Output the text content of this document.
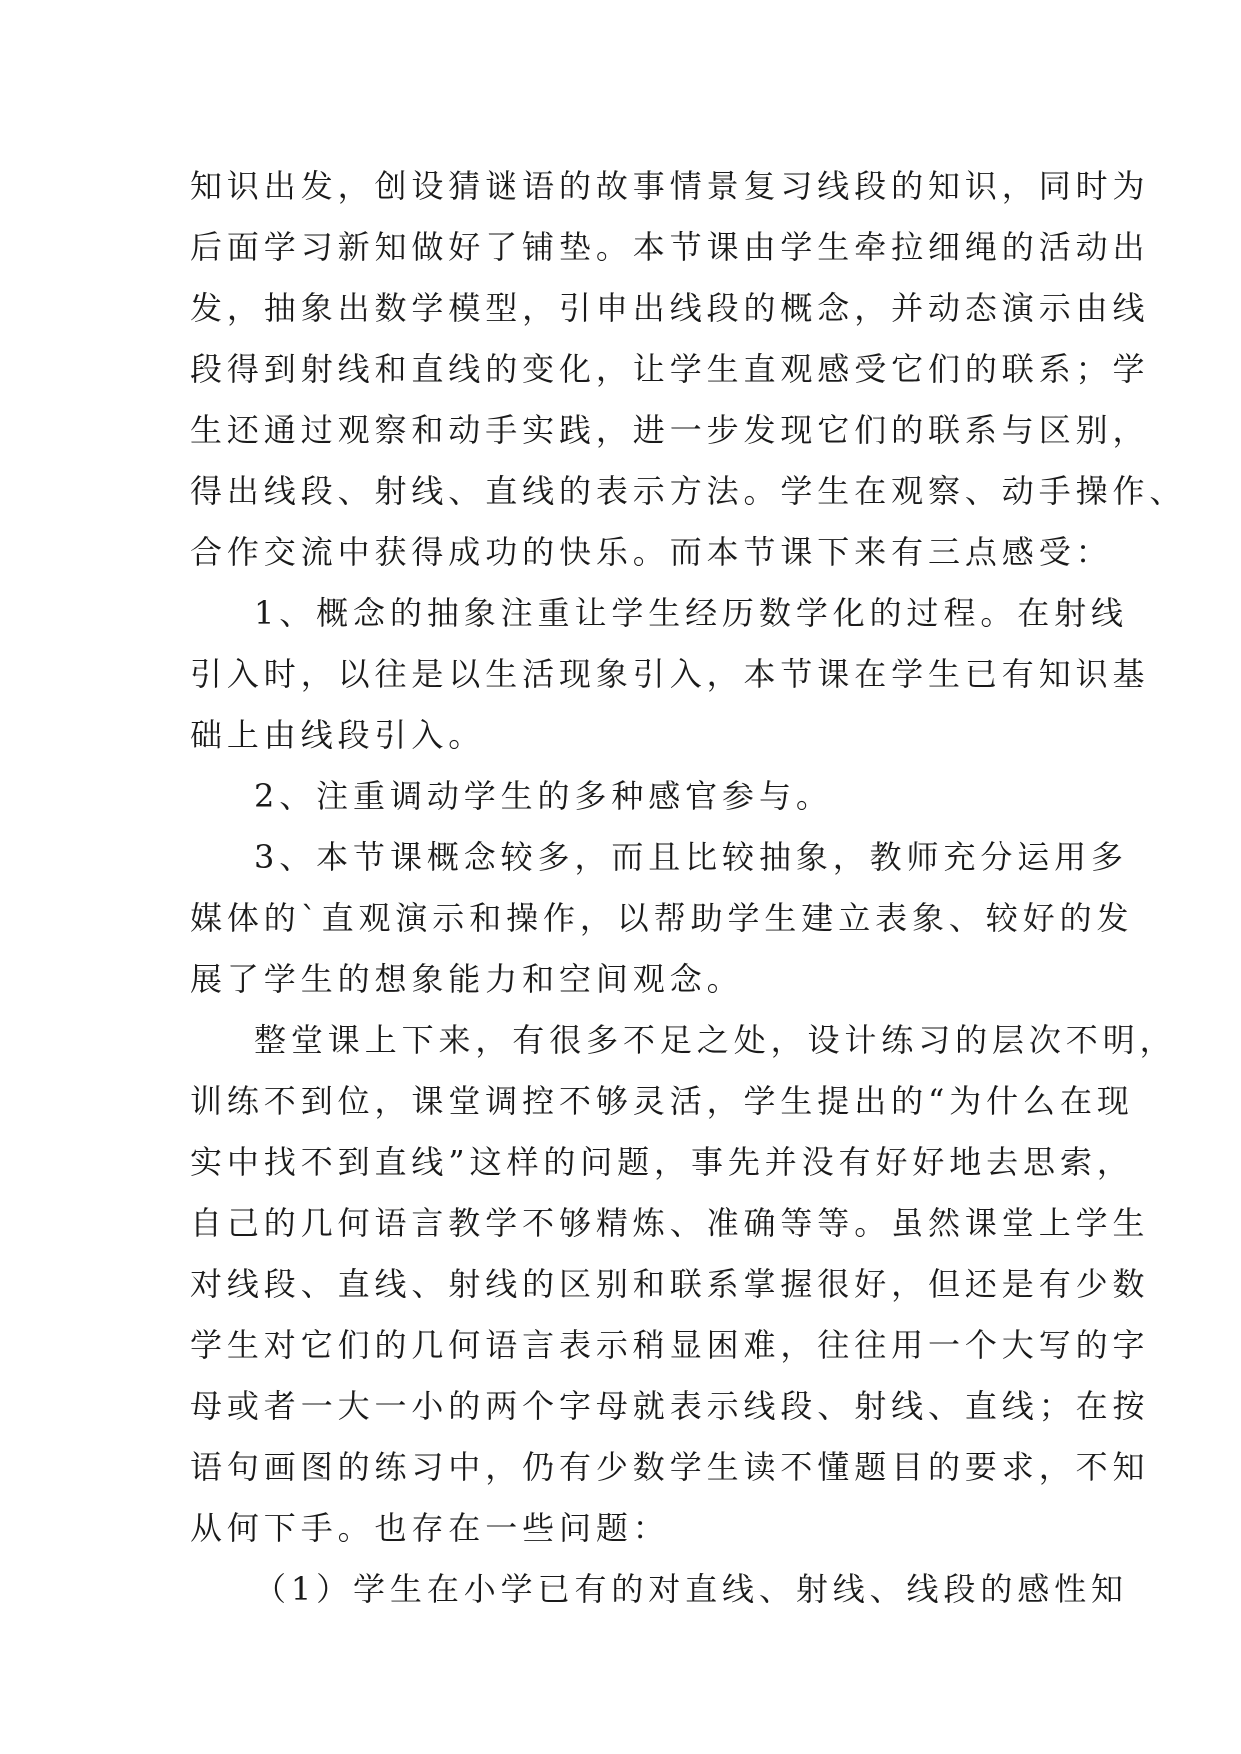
知识出发，创设猜谜语的故事情景复习线段的知识，同时为
后面学习新知做好了铺垫。本节课由学生牵拉细绳的活动出
发，抽象出数学模型，引申出线段的概念，并动态演示由线
段得到射线和直线的变化，让学生直观感受它们的联系；学
生还通过观察和动手实践，进一步发现它们的联系与区别，
得出线段、射线、直线的表示方法。学生在观察、动手操作、
合作交流中获得成功的快乐。而本节课下来有三点感受：
1、概念的抽象注重让学生经历数学化的过程。在射线
引入时，以往是以生活现象引入，本节课在学生已有知识基
础上由线段引入。
2、注重调动学生的多种感官参与。
3、本节课概念较多，而且比较抽象，教师充分运用多
媒体的`直观演示和操作，以帮助学生建立表象、较好的发
展了学生的想象能力和空间观念。
整堂课上下来，有很多不足之处，设计练习的层次不明，
训练不到位，课堂调控不够灵活，学生提出的“为什么在现
实中找不到直线”这样的问题，事先并没有好好地去思索，
自己的几何语言教学不够精炼、准确等等。虽然课堂上学生
对线段、直线、射线的区别和联系掌握很好，但还是有少数
学生对它们的几何语言表示稍显困难，往往用一个大写的字
母或者一大一小的两个字母就表示线段、射线、直线；在按
语句画图的练习中，仍有少数学生读不懂题目的要求，不知
从何下手。也存在一些问题：
（1）学生在小学已有的对直线、射线、线段的感性知
